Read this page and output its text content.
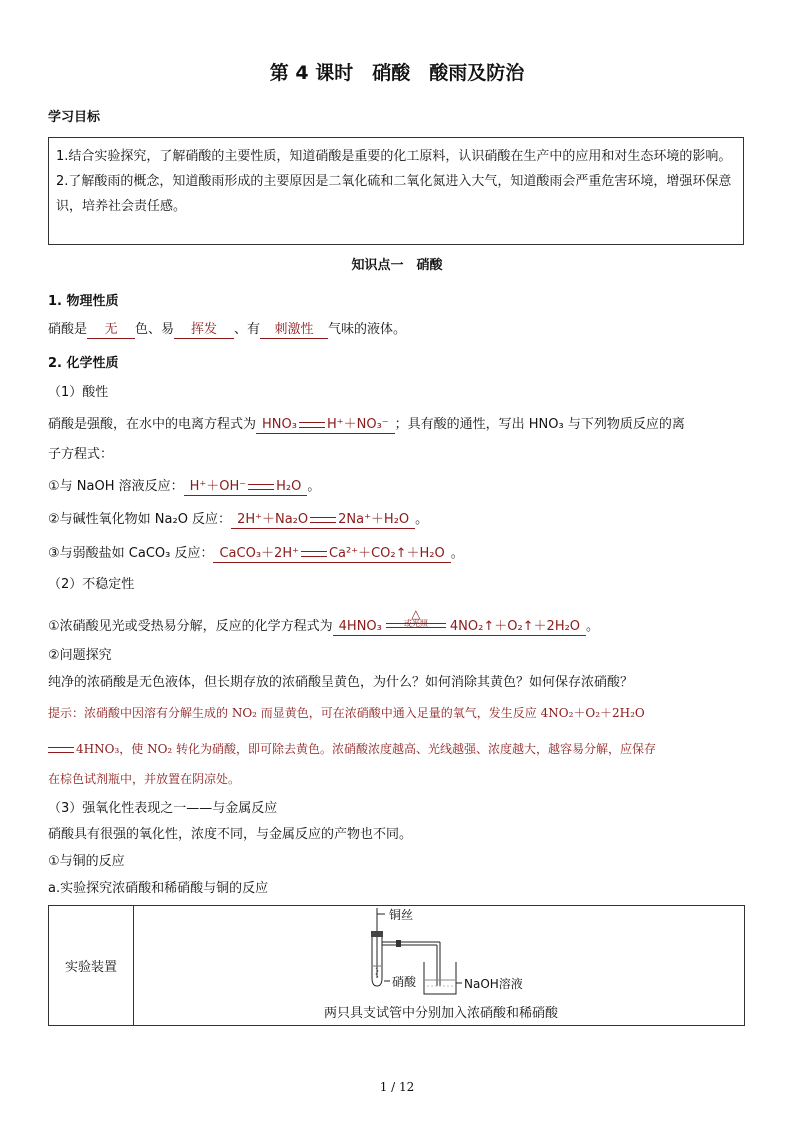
第 4 课时　硝酸　酸雨及防治
学习目标
1.结合实验探究，了解硝酸的主要性质，知道硝酸是重要的化工原料，认识硝酸在生产中的应用和对生态环境的影响。
2.了解酸雨的概念，知道酸雨形成的主要原因是二氧化硫和二氧化氮进入大气，知道酸雨会严重危害环境，增强环保意识，培养社会责任感。
知识点一　硝酸
1. 物理性质
硝酸是 无 色、易 挥发 、有 刺激性 气味的液体。
2. 化学性质
（1）酸性
硝酸是强酸，在水中的电离方程式为 HNO₃ H⁺＋NO₃⁻ ；具有酸的通性，写出 HNO₃ 与下列物质反应的离
子方程式：
①与 NaOH 溶液反应： H⁺＋OH⁻ H₂O 。
②与碱性氧化物如 Na₂O 反应： 2H⁺＋Na₂O 2Na⁺＋H₂O 。
③与弱酸盐如 CaCO₃ 反应： CaCO₃＋2H⁺ Ca²⁺＋CO₂↑＋H₂O 。
（2）不稳定性
①浓硝酸见光或受热易分解，反应的化学方程式为 4HNO₃
△
或光照	4NO₂↑＋O₂↑＋2H₂O 。
②问题探究
纯净的浓硝酸是无色液体，但长期存放的浓硝酸呈黄色，为什么？如何消除其黄色？如何保存浓硝酸？
提示：浓硝酸中因溶有分解生成的 NO₂ 而显黄色，可在浓硝酸中通入足量的氧气，发生反应 4NO₂＋O₂＋2H₂O
4HNO₃，使 NO₂ 转化为硝酸，即可除去黄色。浓硝酸浓度越高、光线越强、浓度越大，越容易分解，应保存
在棕色试剂瓶中，并放置在阴凉处。
（3）强氧化性表现之一——与金属反应
硝酸具有很强的氧化性，浓度不同，与金属反应的产物也不同。
①与铜的反应
a.实验探究浓硝酸和稀硝酸与铜的反应
实验装置	
铜丝
硝酸	NaOH溶液
两只具支试管中分别加入浓硝酸和稀硝酸
1 / 12
